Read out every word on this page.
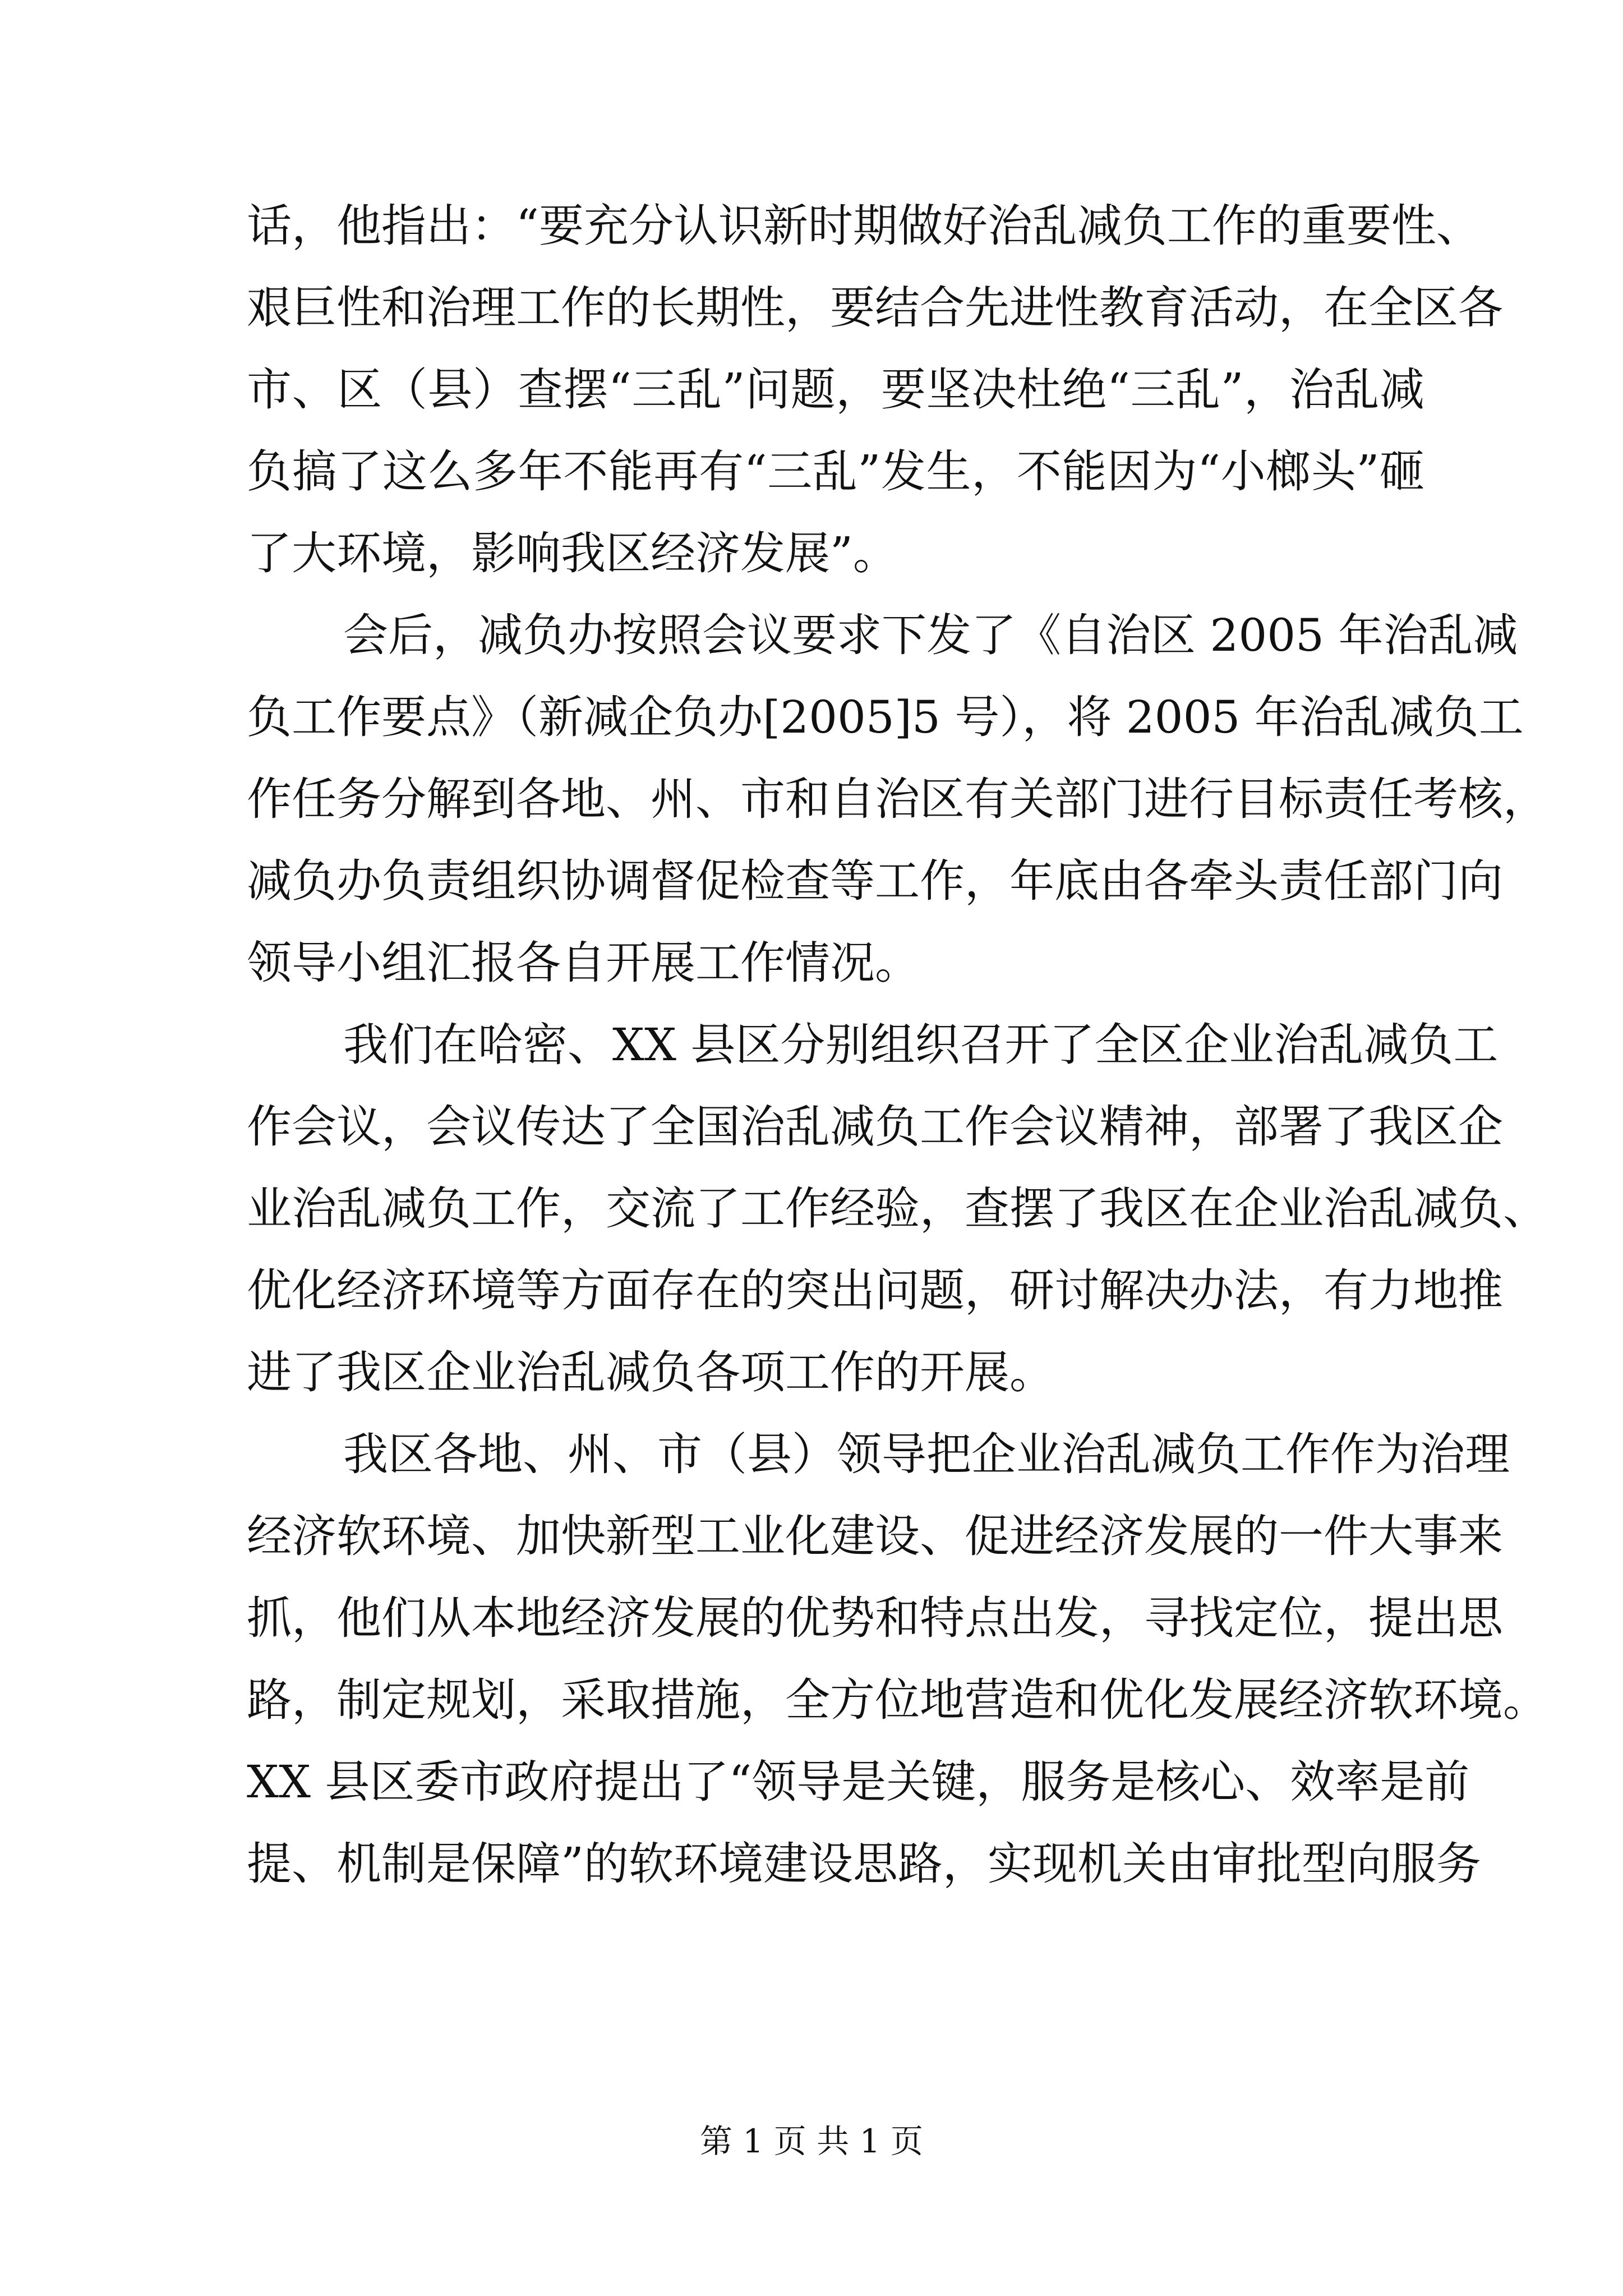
话，他指出：“要充分认识新时期做好治乱减负工作的重要性、
艰巨性和治理工作的长期性，要结合先进性教育活动，在全区各
市、区（县）查摆“三乱”问题，要坚决杜绝“三乱”，治乱减
负搞了这么多年不能再有“三乱”发生，不能因为“小榔头”砸
了大环境，影响我区经济发展”。

会后，减负办按照会议要求下发了《自治区 2005 年治乱减
负工作要点》（新减企负办[2005]5 号），将 2005 年治乱减负工
作任务分解到各地、州、市和自治区有关部门进行目标责任考核，
减负办负责组织协调督促检查等工作，年底由各牵头责任部门向
领导小组汇报各自开展工作情况。

我们在哈密、XX 县区分别组织召开了全区企业治乱减负工
作会议，会议传达了全国治乱减负工作会议精神，部署了我区企
业治乱减负工作，交流了工作经验，查摆了我区在企业治乱减负、
优化经济环境等方面存在的突出问题，研讨解决办法，有力地推
进了我区企业治乱减负各项工作的开展。

我区各地、州、市（县）领导把企业治乱减负工作作为治理
经济软环境、加快新型工业化建设、促进经济发展的一件大事来
抓，他们从本地经济发展的优势和特点出发，寻找定位，提出思
路，制定规划，采取措施，全方位地营造和优化发展经济软环境。
XX 县区委市政府提出了“领导是关键，服务是核心、效率是前
提、机制是保障”的软环境建设思路，实现机关由审批型向服务

第 1 页 共 1 页
